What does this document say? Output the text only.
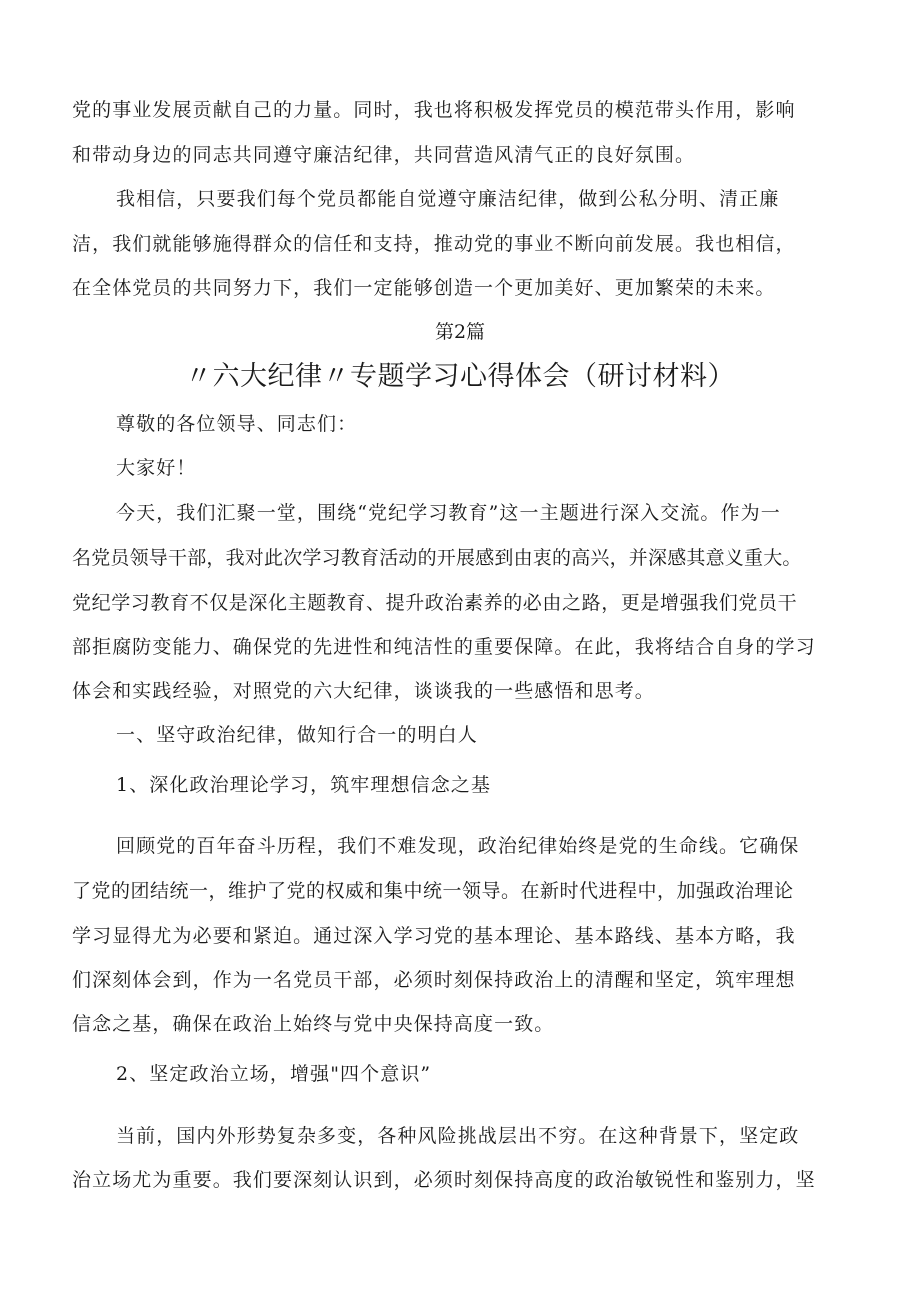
党的事业发展贡献自己的力量。同时，我也将积极发挥党员的模范带头作用，影响
和带动身边的同志共同遵守廉洁纪律，共同营造风清气正的良好氛围。
我相信，只要我们每个党员都能自觉遵守廉洁纪律，做到公私分明、清正廉
洁，我们就能够施得群众的信任和支持，推动党的事业不断向前发展。我也相信，
在全体党员的共同努力下，我们一定能够创造一个更加美好、更加繁荣的未来。
第2篇
〃六大纪律〃专题学习心得体会（研讨材料）
尊敬的各位领导、同志们：
大家好！
今天，我们汇聚一堂，围绕“党纪学习教育”这一主题进行深入交流。作为一
名党员领导干部，我对此次学习教育活动的开展感到由衷的高兴，并深感其意义重大。
党纪学习教育不仅是深化主题教育、提升政治素养的必由之路，更是增强我们党员干
部拒腐防变能力、确保党的先进性和纯洁性的重要保障。在此，我将结合自身的学习
体会和实践经验，对照党的六大纪律，谈谈我的一些感悟和思考。
一、坚守政治纪律，做知行合一的明白人
1、深化政治理论学习，筑牢理想信念之基
回顾党的百年奋斗历程，我们不难发现，政治纪律始终是党的生命线。它确保
了党的团结统一，维护了党的权威和集中统一领导。在新时代进程中，加强政治理论
学习显得尤为必要和紧迫。通过深入学习党的基本理论、基本路线、基本方略，我
们深刻体会到，作为一名党员干部，必须时刻保持政治上的清醒和坚定，筑牢理想
信念之基，确保在政治上始终与党中央保持高度一致。
2、坚定政治立场，增强"四个意识”
当前，国内外形势复杂多变，各种风险挑战层出不穷。在这种背景下，坚定政
治立场尤为重要。我们要深刻认识到，必须时刻保持高度的政治敏锐性和鉴别力，坚
